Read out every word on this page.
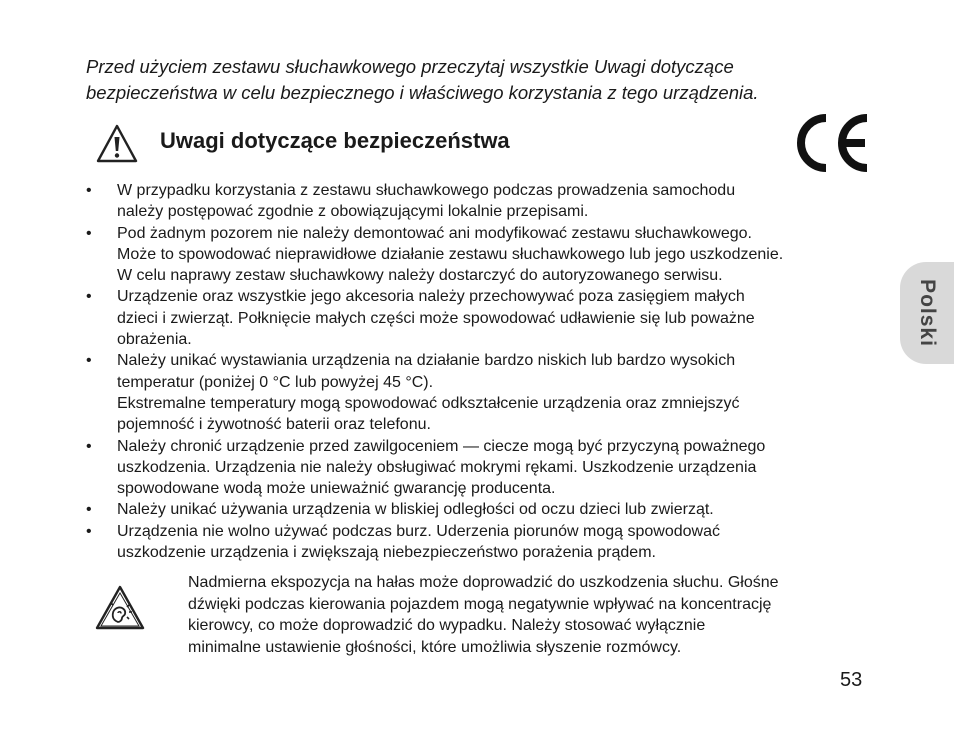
Przed użyciem zestawu słuchawkowego przeczytaj wszystkie Uwagi dotyczące
bezpieczeństwa w celu bezpiecznego i właściwego korzystania z tego urządzenia.

Uwagi dotyczące bezpieczeństwa
• W przypadku korzystania z zestawu słuchawkowego podczas prowadzenia samochodu
należy postępować zgodnie z obowiązującymi lokalnie przepisami.
• Pod żadnym pozorem nie należy demontować ani modyfikować zestawu słuchawkowego.
Może to spowodować nieprawidłowe działanie zestawu słuchawkowego lub jego uszkodzenie.
W celu naprawy zestaw słuchawkowy należy dostarczyć do autoryzowanego serwisu.
• Urządzenie oraz wszystkie jego akcesoria należy przechowywać poza zasięgiem małych
dzieci i zwierząt. Połknięcie małych części może spowodować udławienie się lub poważne
obrażenia.
• Należy unikać wystawiania urządzenia na działanie bardzo niskich lub bardzo wysokich
temperatur (poniżej 0 °C lub powyżej 45 °C).
Ekstremalne temperatury mogą spowodować odkształcenie urządzenia oraz zmniejszyć
pojemność i żywotność baterii oraz telefonu.
• Należy chronić urządzenie przed zawilgoceniem — ciecze mogą być przyczyną poważnego
uszkodzenia. Urządzenia nie należy obsługiwać mokrymi rękami. Uszkodzenie urządzenia
spowodowane wodą może unieważnić gwarancję producenta.
• Należy unikać używania urządzenia w bliskiej odległości od oczu dzieci lub zwierząt.
• Urządzenia nie wolno używać podczas burz. Uderzenia piorunów mogą spowodować
uszkodzenie urządzenia i zwiększają niebezpieczeństwo porażenia prądem.
Nadmierna ekspozycja na hałas może doprowadzić do uszkodzenia słuchu. Głośne
dźwięki podczas kierowania pojazdem mogą negatywnie wpływać na koncentrację
kierowcy, co może doprowadzić do wypadku. Należy stosować wyłącznie
minimalne ustawienie głośności, które umożliwia słyszenie rozmówcy.
Polski
53
